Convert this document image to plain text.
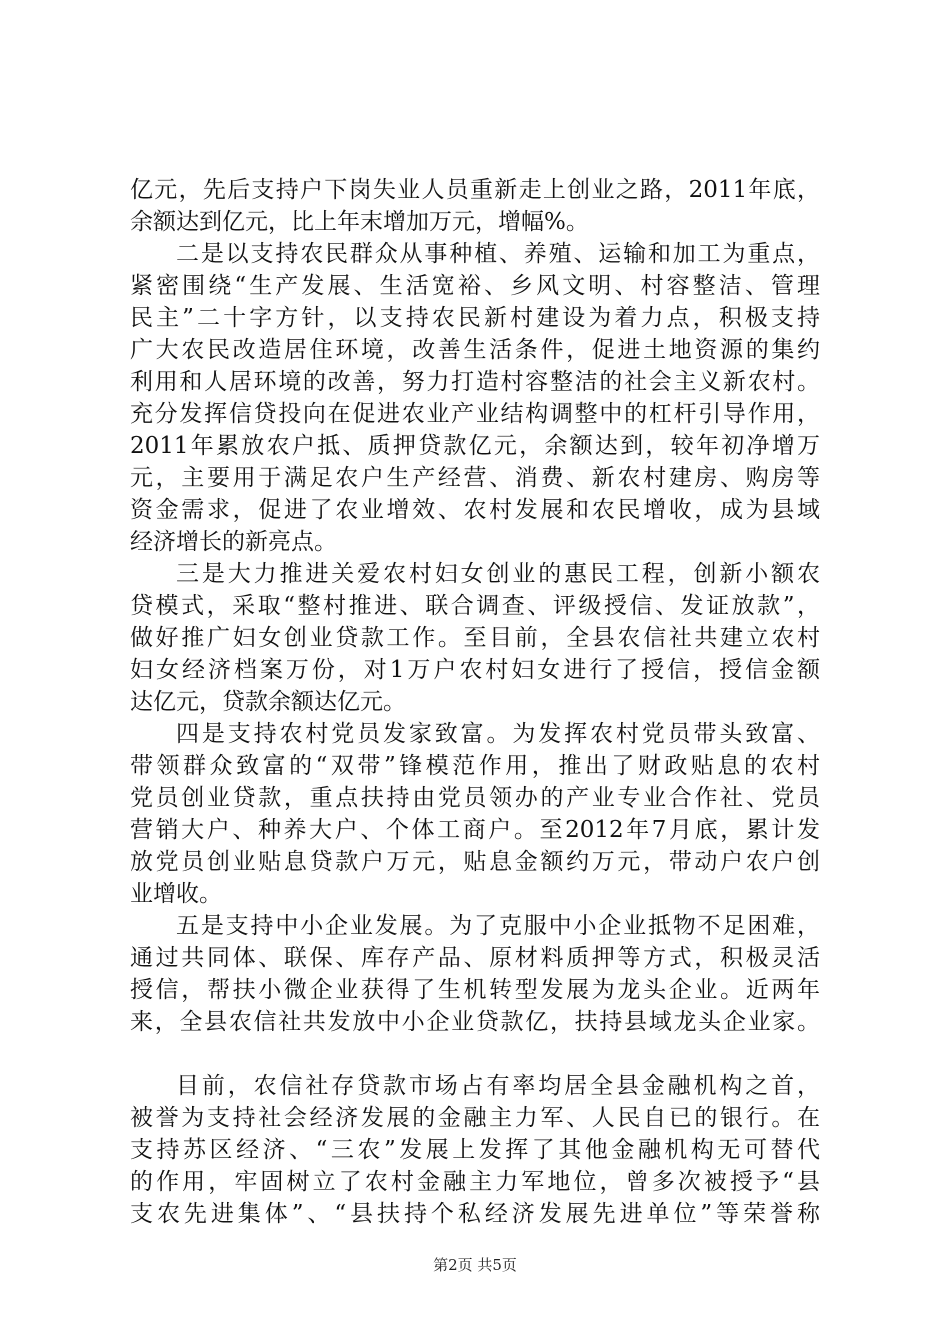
亿元，先后支持户下岗失业人员重新走上创业之路，2011年底，
余额达到亿元，比上年末增加万元，增幅%。
二是以支持农民群众从事种植、养殖、运输和加工为重点，
紧密围绕“生产发展、生活宽裕、乡风文明、村容整洁、管理
民主”二十字方针，以支持农民新村建设为着力点，积极支持
广大农民改造居住环境，改善生活条件，促进土地资源的集约
利用和人居环境的改善，努力打造村容整洁的社会主义新农村。
充分发挥信贷投向在促进农业产业结构调整中的杠杆引导作用，
2011年累放农户抵、质押贷款亿元，余额达到，较年初净增万
元，主要用于满足农户生产经营、消费、新农村建房、购房等
资金需求，促进了农业增效、农村发展和农民增收，成为县域
经济增长的新亮点。
三是大力推进关爱农村妇女创业的惠民工程，创新小额农
贷模式，采取“整村推进、联合调查、评级授信、发证放款”，
做好推广妇女创业贷款工作。至目前，全县农信社共建立农村
妇女经济档案万份，对1万户农村妇女进行了授信，授信金额
达亿元，贷款余额达亿元。
四是支持农村党员发家致富。为发挥农村党员带头致富、
带领群众致富的“双带”锋模范作用，推出了财政贴息的农村
党员创业贷款，重点扶持由党员领办的产业专业合作社、党员
营销大户、种养大户、个体工商户。至2012年7月底，累计发
放党员创业贴息贷款户万元，贴息金额约万元，带动户农户创
业增收。
五是支持中小企业发展。为了克服中小企业抵物不足困难，
通过共同体、联保、库存产品、原材料质押等方式，积极灵活
授信，帮扶小微企业获得了生机转型发展为龙头企业。近两年
来，全县农信社共发放中小企业贷款亿，扶持县域龙头企业家。
目前，农信社存贷款市场占有率均居全县金融机构之首，
被誉为支持社会经济发展的金融主力军、人民自已的银行。在
支持苏区经济、“三农”发展上发挥了其他金融机构无可替代
的作用，牢固树立了农村金融主力军地位，曾多次被授予“县
支农先进集体”、“县扶持个私经济发展先进单位”等荣誉称
第2页 共5页
